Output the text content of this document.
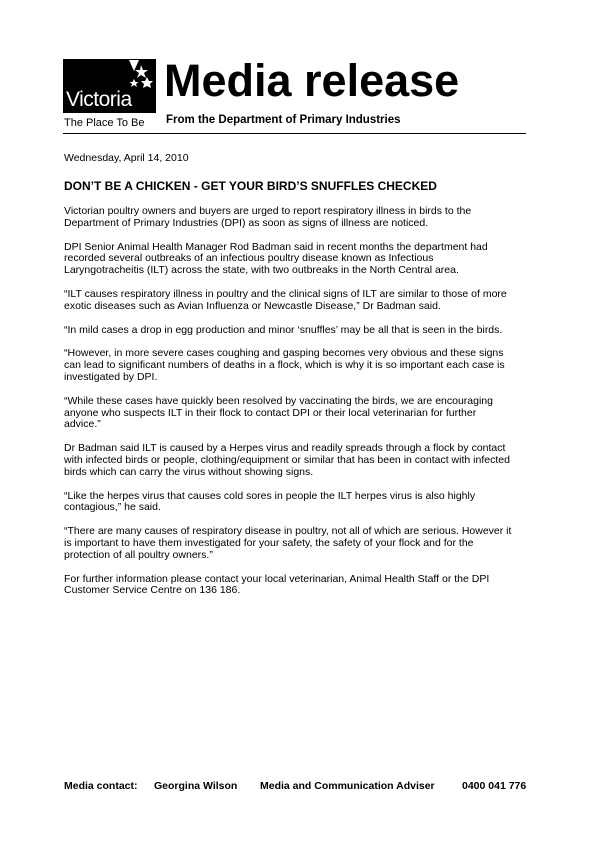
Victoria
The Place To Be
Media release
From the Department of Primary Industries
Wednesday, April 14, 2010
DON’T BE A CHICKEN - GET YOUR BIRD’S SNUFFLES CHECKED

Victorian poultry owners and buyers are urged to report respiratory illness in birds to the
Department of Primary Industries (DPI) as soon as signs of illness are noticed.

DPI Senior Animal Health Manager Rod Badman said in recent months the department had
recorded several outbreaks of an infectious poultry disease known as Infectious
Laryngotracheitis (ILT) across the state, with two outbreaks in the North Central area.

“ILT causes respiratory illness in poultry and the clinical signs of ILT are similar to those of more
exotic diseases such as Avian Influenza or Newcastle Disease,” Dr Badman said.

“In mild cases a drop in egg production and minor ‘snuffles’ may be all that is seen in the birds.

“However, in more severe cases coughing and gasping becomes very obvious and these signs
can lead to significant numbers of deaths in a flock, which is why it is so important each case is
investigated by DPI.

“While these cases have quickly been resolved by vaccinating the birds, we are encouraging
anyone who suspects ILT in their flock to contact DPI or their local veterinarian for further
advice.”

Dr Badman said ILT is caused by a Herpes virus and readily spreads through a flock by contact
with infected birds or people, clothing/equipment or similar that has been in contact with infected
birds which can carry the virus without showing signs.

“Like the herpes virus that causes cold sores in people the ILT herpes virus is also highly
contagious,” he said.

“There are many causes of respiratory disease in poultry, not all of which are serious. However it
is important to have them investigated for your safety, the safety of your flock and for the
protection of all poultry owners.”

For further information please contact your local veterinarian, Animal Health Staff or the DPI
Customer Service Centre on 136 186.

Media contact: Georgina Wilson Media and Communication Adviser	0400 041 776
